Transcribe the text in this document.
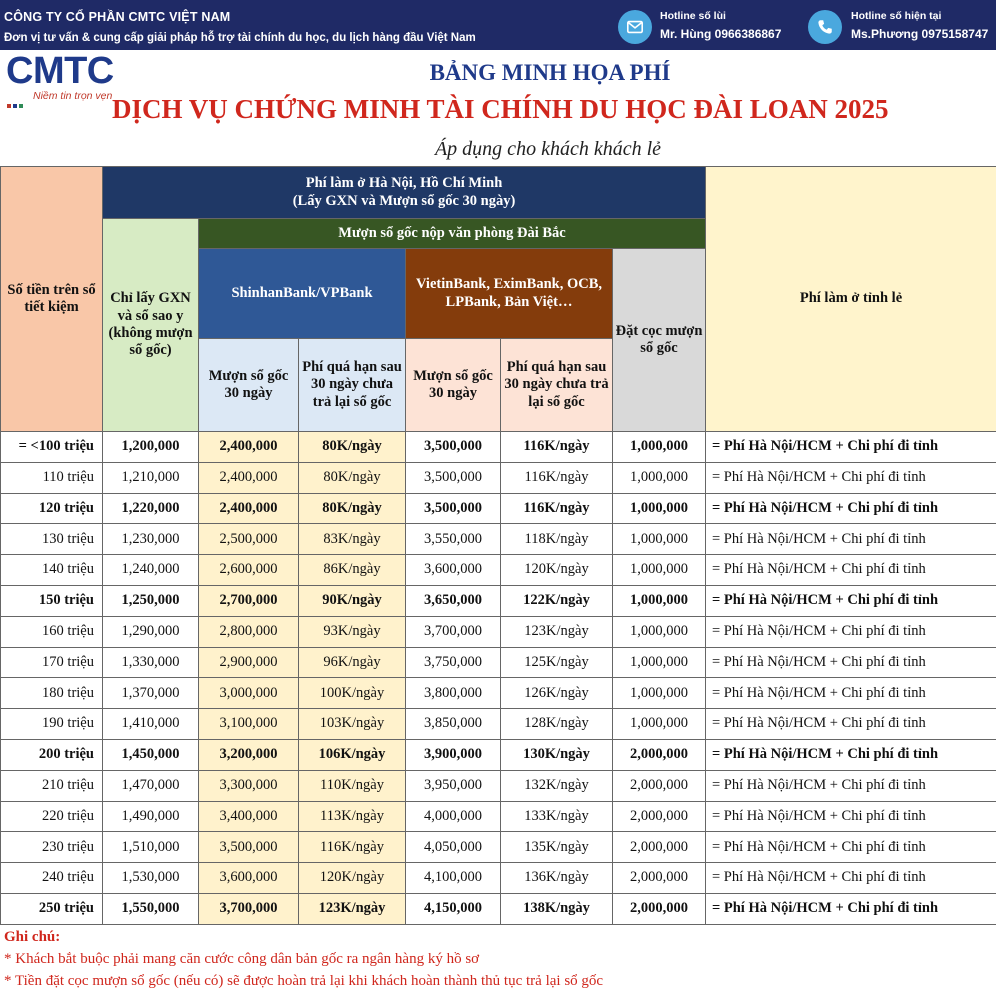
CÔNG TY CỔ PHẦN CMTC VIỆT NAM
Đơn vị tư vấn & cung cấp giải pháp hỗ trợ tài chính du học, du lịch hàng đầu Việt Nam
Hotline số lùi
Mr. Hùng 0966386867
Hotline số hiện tại
Ms.Phương 0975158747
CMTC
Niềm tin trọn vẹn
BẢNG MINH HỌA PHÍ
DỊCH VỤ CHỨNG MINH TÀI CHÍNH DU HỌC ĐÀI LOAN 2025
Áp dụng cho khách khách lẻ
Số tiền trên sổ tiết kiệm	Phí làm ở Hà Nội, Hồ Chí Minh
(Lấy GXN và Mượn sổ gốc 30 ngày)						Phí làm ở tỉnh lẻ
	Chỉ lấy GXN và sổ sao y (không mượn sổ gốc)	Mượn sổ gốc nộp văn phòng Đài Bắc					
		ShinhanBank/VPBank		VietinBank, EximBank, OCB, LPBank, Bản Việt…		Đặt cọc mượn sổ gốc	
		Mượn sổ gốc 30 ngày	Phí quá hạn sau 30 ngày chưa trả lại sổ gốc	Mượn sổ gốc 30 ngày	Phí quá hạn sau 30 ngày chưa trả lại sổ gốc		
= <100 triệu	1,200,000	2,400,000	80K/ngày	3,500,000	116K/ngày	1,000,000	= Phí Hà Nội/HCM + Chi phí đi tỉnh
110 triệu	1,210,000	2,400,000	80K/ngày	3,500,000	116K/ngày	1,000,000	= Phí Hà Nội/HCM + Chi phí đi tỉnh
120 triệu	1,220,000	2,400,000	80K/ngày	3,500,000	116K/ngày	1,000,000	= Phí Hà Nội/HCM + Chi phí đi tỉnh
130 triệu	1,230,000	2,500,000	83K/ngày	3,550,000	118K/ngày	1,000,000	= Phí Hà Nội/HCM + Chi phí đi tỉnh
140 triệu	1,240,000	2,600,000	86K/ngày	3,600,000	120K/ngày	1,000,000	= Phí Hà Nội/HCM + Chi phí đi tỉnh
150 triệu	1,250,000	2,700,000	90K/ngày	3,650,000	122K/ngày	1,000,000	= Phí Hà Nội/HCM + Chi phí đi tỉnh
160 triệu	1,290,000	2,800,000	93K/ngày	3,700,000	123K/ngày	1,000,000	= Phí Hà Nội/HCM + Chi phí đi tỉnh
170 triệu	1,330,000	2,900,000	96K/ngày	3,750,000	125K/ngày	1,000,000	= Phí Hà Nội/HCM + Chi phí đi tỉnh
180 triệu	1,370,000	3,000,000	100K/ngày	3,800,000	126K/ngày	1,000,000	= Phí Hà Nội/HCM + Chi phí đi tỉnh
190 triệu	1,410,000	3,100,000	103K/ngày	3,850,000	128K/ngày	1,000,000	= Phí Hà Nội/HCM + Chi phí đi tỉnh
200 triệu	1,450,000	3,200,000	106K/ngày	3,900,000	130K/ngày	2,000,000	= Phí Hà Nội/HCM + Chi phí đi tỉnh
210 triệu	1,470,000	3,300,000	110K/ngày	3,950,000	132K/ngày	2,000,000	= Phí Hà Nội/HCM + Chi phí đi tỉnh
220 triệu	1,490,000	3,400,000	113K/ngày	4,000,000	133K/ngày	2,000,000	= Phí Hà Nội/HCM + Chi phí đi tỉnh
230 triệu	1,510,000	3,500,000	116K/ngày	4,050,000	135K/ngày	2,000,000	= Phí Hà Nội/HCM + Chi phí đi tỉnh
240 triệu	1,530,000	3,600,000	120K/ngày	4,100,000	136K/ngày	2,000,000	= Phí Hà Nội/HCM + Chi phí đi tỉnh
250 triệu	1,550,000	3,700,000	123K/ngày	4,150,000	138K/ngày	2,000,000	= Phí Hà Nội/HCM + Chi phí đi tỉnh
Ghi chú:
* Khách bắt buộc phải mang căn cước công dân bản gốc ra ngân hàng ký hồ sơ
* Tiền đặt cọc mượn sổ gốc (nếu có) sẽ được hoàn trả lại khi khách hoàn thành thủ tục trả lại sổ gốc
